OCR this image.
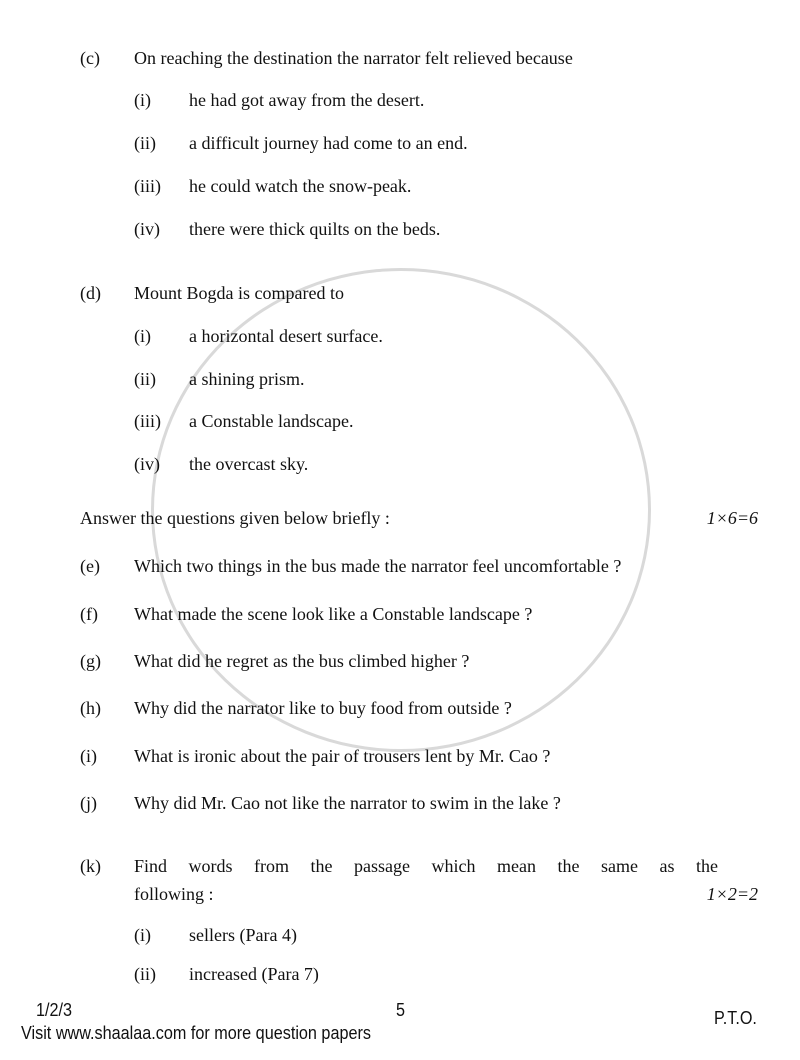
(c) On reaching the destination the narrator felt relieved because
(i) he had got away from the desert.
(ii) a difficult journey had come to an end.
(iii) he could watch the snow-peak.
(iv) there were thick quilts on the beds.
(d) Mount Bogda is compared to
(i) a horizontal desert surface.
(ii) a shining prism.
(iii) a Constable landscape.
(iv) the overcast sky.
Answer the questions given below briefly :	1×6=6
(e) Which two things in the bus made the narrator feel uncomfortable ?
(f) What made the scene look like a Constable landscape ?
(g) What did he regret as the bus climbed higher ?
(h) Why did the narrator like to buy food from outside ?
(i) What is ironic about the pair of trousers lent by Mr. Cao ?
(j) Why did Mr. Cao not like the narrator to swim in the lake ?
(k) Find words from the passage which mean the same as the
following :	1×2=2
(i) sellers (Para 4)
(ii) increased (Para 7)
1/2/3	5	P.T.O.
Visit www.shaalaa.com for more question papers
